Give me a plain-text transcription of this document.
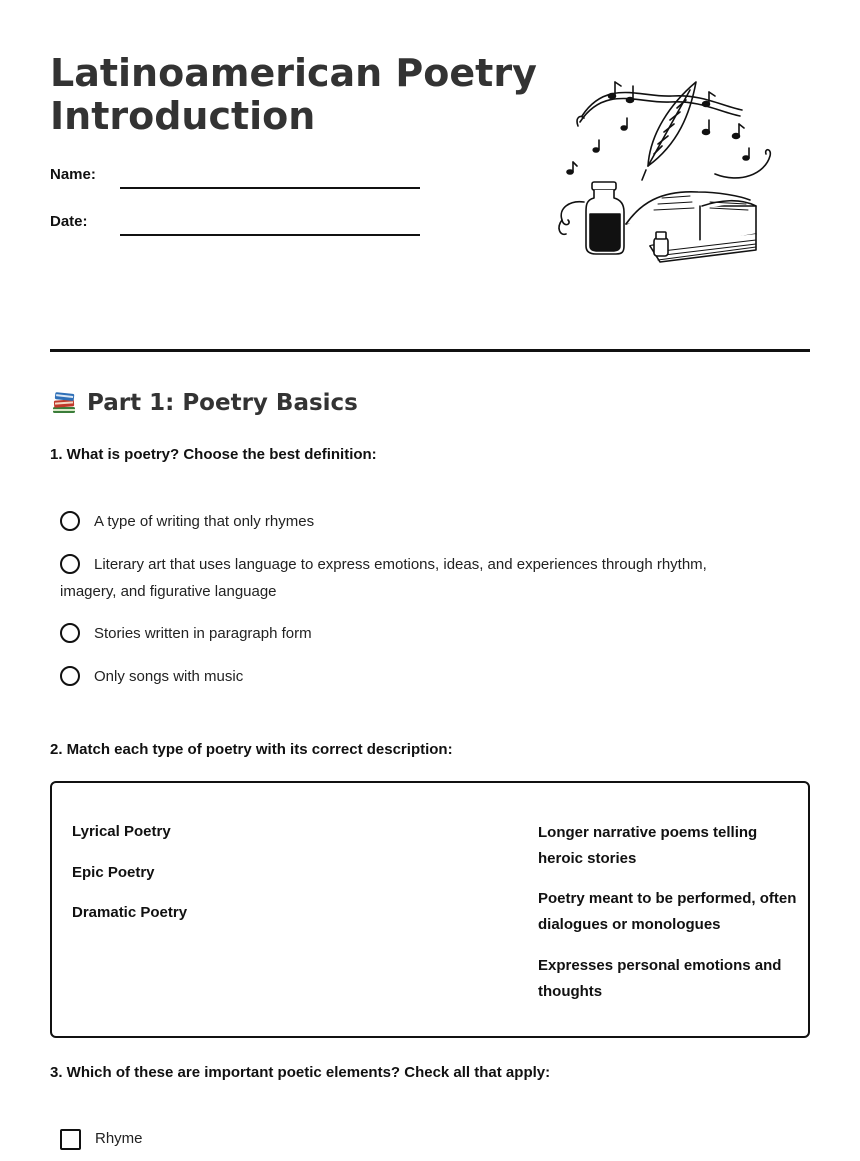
Latinoamerican Poetry
Introduction
Name:
Date:
Part 1: Poetry Basics

1. What is poetry? Choose the best definition:

A type of writing that only rhymes
Literary art that uses language to express emotions, ideas, and experiences through rhythm, imagery, and figurative language
Stories written in paragraph form
Only songs with music

2. Match each type of poetry with its correct description:

Lyrical Poetry
Epic Poetry
Dramatic Poetry
Longer narrative poems telling heroic stories
Poetry meant to be performed, often dialogues or monologues
Expresses personal emotions and thoughts

3. Which of these are important poetic elements? Check all that apply:

Rhyme
